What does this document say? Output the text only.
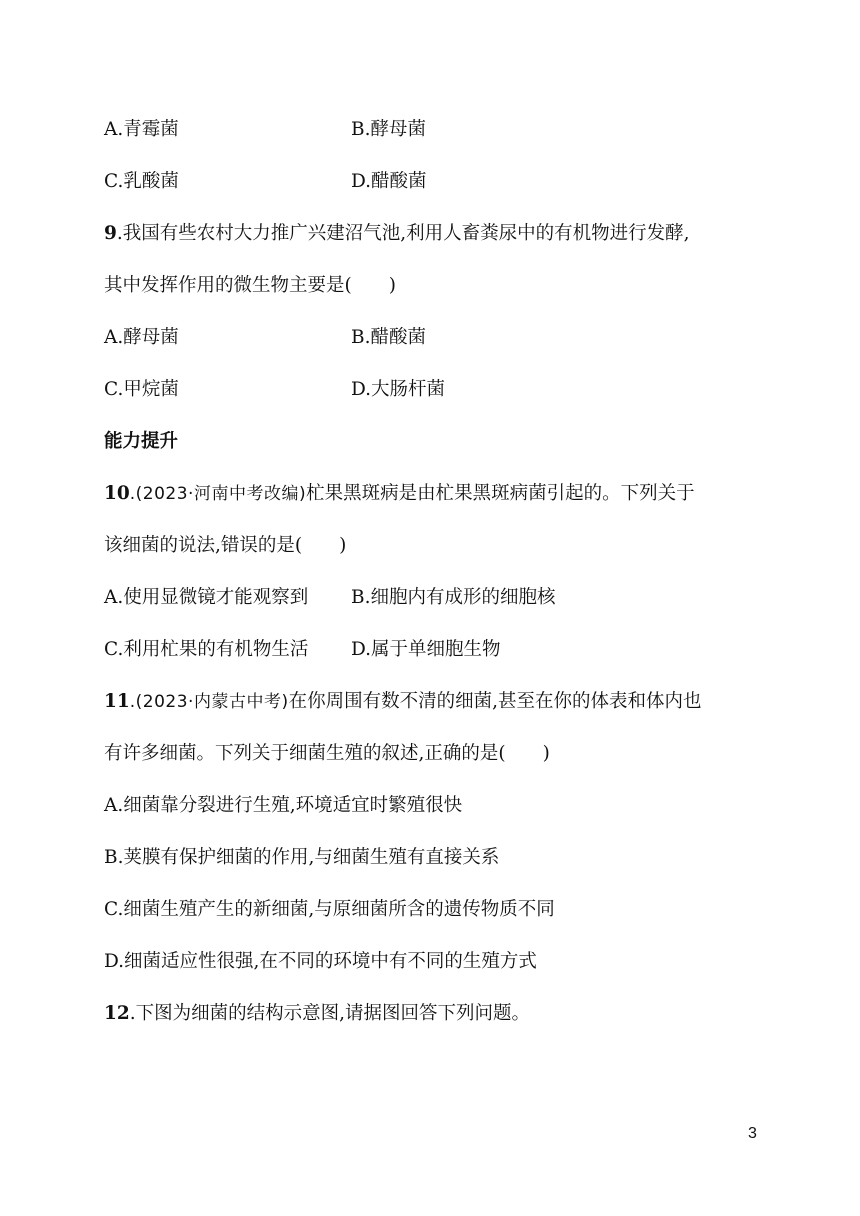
A.青霉菌	B.酵母菌
C.乳酸菌	D.醋酸菌
9.我国有些农村大力推广兴建沼气池,利用人畜粪尿中的有机物进行发酵,
其中发挥作用的微生物主要是(　　)
A.酵母菌	B.醋酸菌
C.甲烷菌	D.大肠杆菌
能力提升
10.(2023·河南中考改编)杧果黑斑病是由杧果黑斑病菌引起的。下列关于
该细菌的说法,错误的是(　　)
A.使用显微镜才能观察到 B.细胞内有成形的细胞核
C.利用杧果的有机物生活 D.属于单细胞生物
11.(2023·内蒙古中考)在你周围有数不清的细菌,甚至在你的体表和体内也
有许多细菌。下列关于细菌生殖的叙述,正确的是(　　)
A.细菌靠分裂进行生殖,环境适宜时繁殖很快
B.荚膜有保护细菌的作用,与细菌生殖有直接关系
C.细菌生殖产生的新细菌,与原细菌所含的遗传物质不同
D.细菌适应性很强,在不同的环境中有不同的生殖方式
12.下图为细菌的结构示意图,请据图回答下列问题。
3
